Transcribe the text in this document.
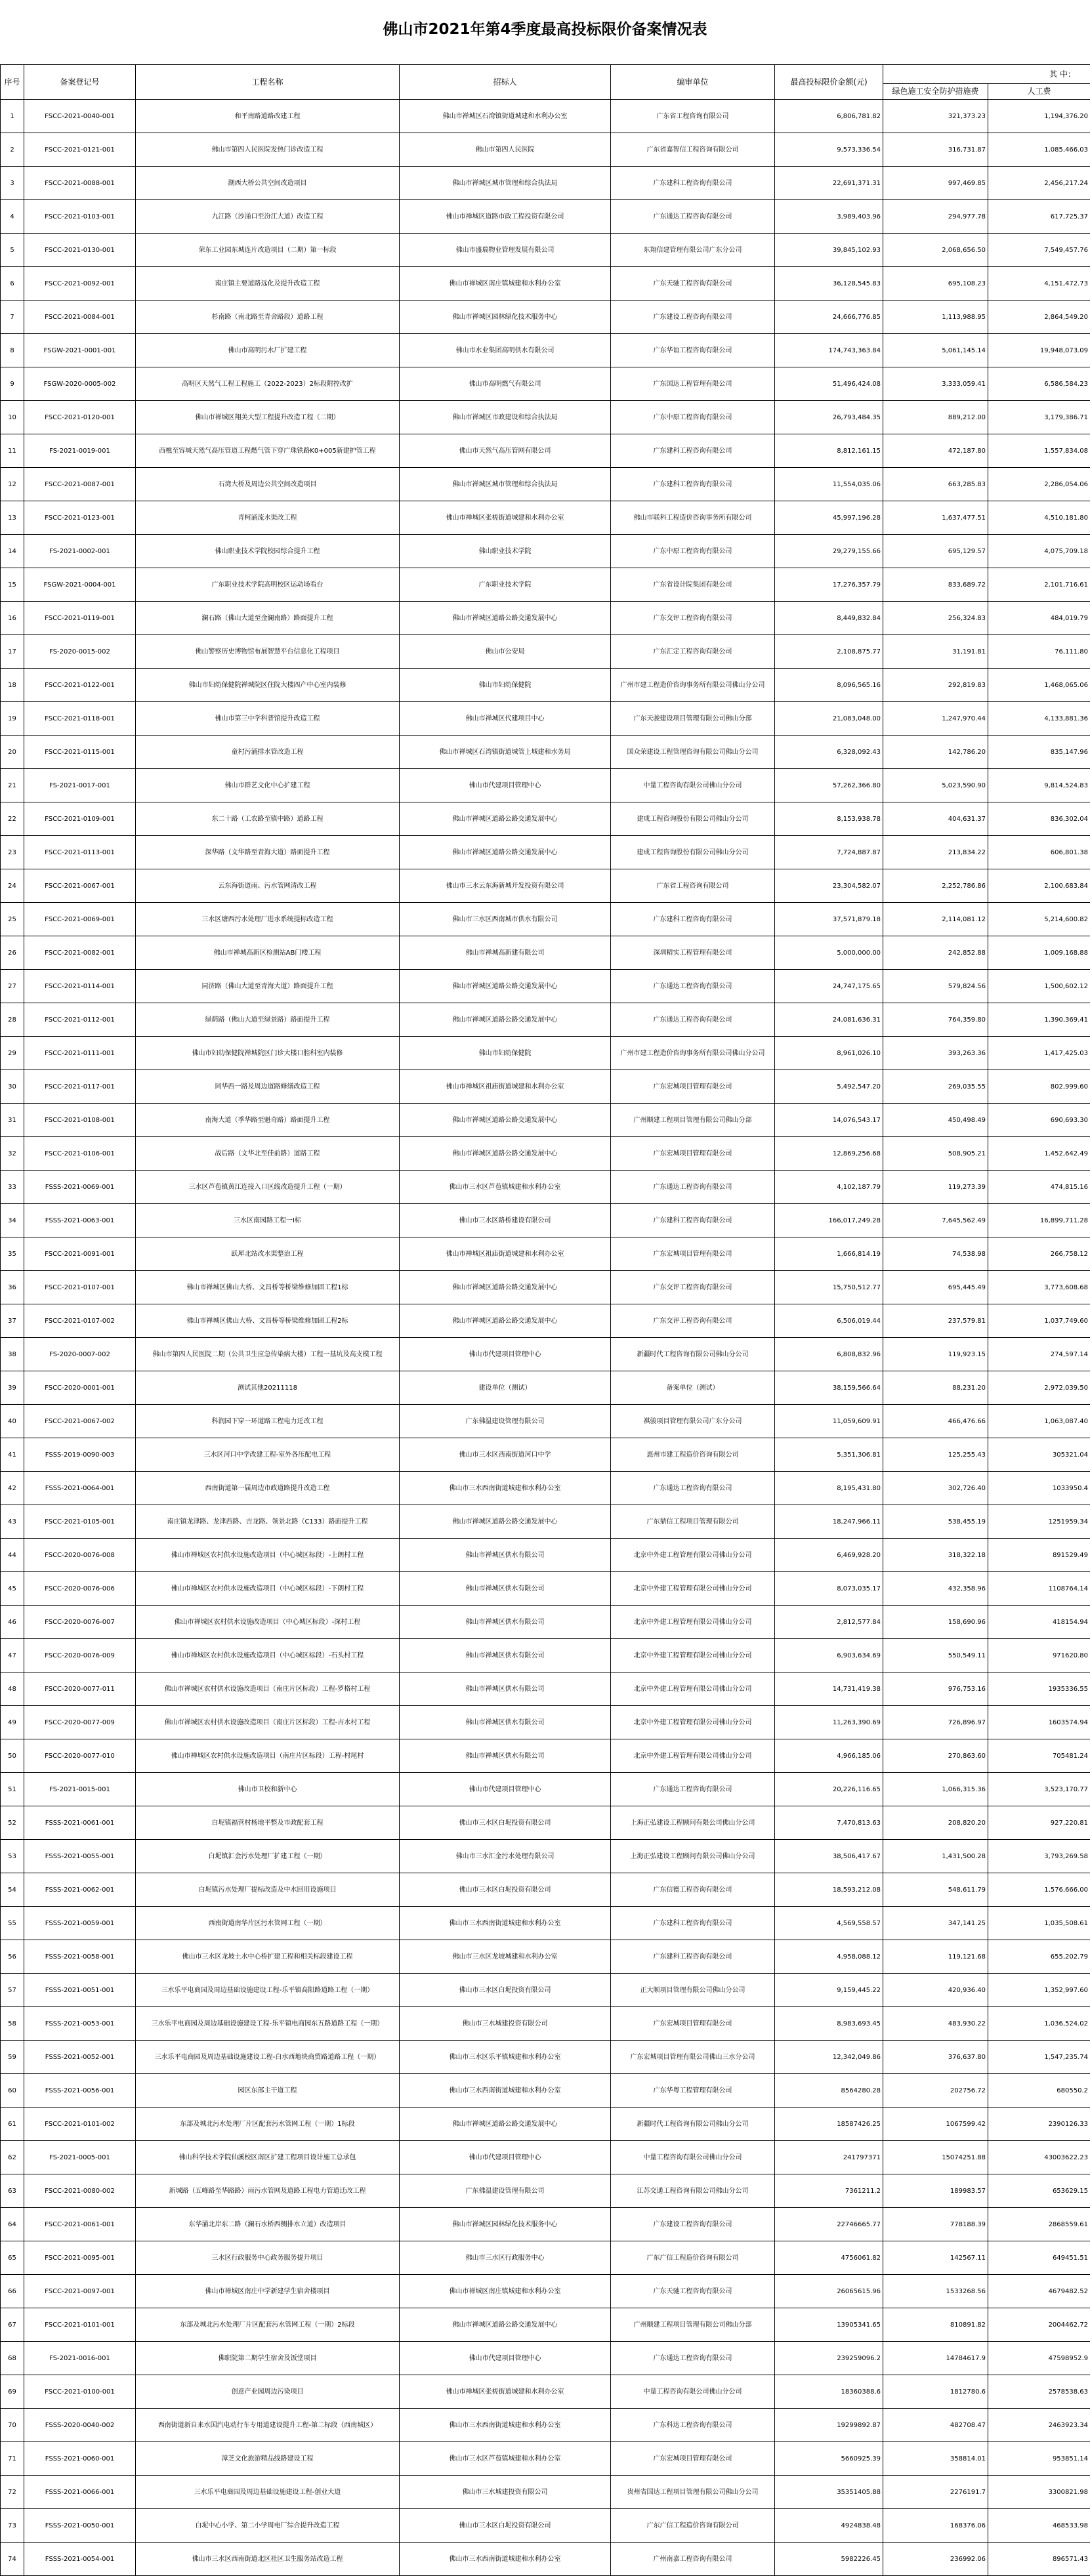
佛山市2021年第4季度最高投标限价备案情况表
序号	备案登记号	工程名称	招标人	编审单位	最高投标限价金额(元)	其 中：	
						绿色施工安全防护措施费	人工费
1	FSCC-2021-0040-001	和平南路道路改建工程	佛山市禅城区石湾镇街道城建和水利办公室	广东省工程咨询有限公司	6,806,781.82	321,373.23	1,194,376.20
2	FSCC-2021-0121-001	佛山市第四人民医院发热门诊改造工程	佛山市第四人民医院	广东省嘉智信工程咨询有限公司	9,573,336.54	316,731.87	1,085,466.03
3	FSCC-2021-0088-001	湖西大桥公共空间改造项目	佛山市禅城区城市管理和综合执法局	广东建科工程咨询有限公司	22,691,371.31	997,469.85	2,456,217.24
4	FSCC-2021-0103-001	九江路（沙涌口至汾江大道）改造工程	佛山市禅城区道路市政工程投资有限公司	广东通达工程咨询有限公司	3,989,403.96	294,977.78	617,725.37
5	FSCC-2021-0130-001	荣东工业园东城连片改造项目（二期）第一标段	佛山市盛瑞物业管理发展有限公司	东翔信建管理有限公司广东分公司	39,845,102.93	2,068,656.50	7,549,457.76
6	FSCC-2021-0092-001	南庄镇主要道路远化及提升改造工程	佛山市禅城区南庄镇城建和水利办公室	广东天驰工程咨询有限公司	36,128,545.83	695,108.23	4,151,472.73
7	FSCC-2021-0084-001	杉南路（南北路至青舍路段）道路工程	佛山市禅城区园林绿化技术服务中心	广东建设工程咨询有限公司	24,666,776.85	1,113,988.95	2,864,549.20
8	FSGW-2021-0001-001	佛山市高明污水厂扩建工程	佛山市水业集团高明供水有限公司	广东华谊工程咨询有限公司	174,743,363.84	5,061,145.14	19,948,073.09
9	FSGW-2020-0005-002	高明区天然气工程工程施工（2022-2023）2标段附控改扩	佛山市高明燃气有限公司	广东国达工程管理有限公司	51,496,424.08	3,333,059.41	6,586,584.23
10	FSCC-2021-0120-001	佛山市禅城区翔美大型工程提升改造工程（二期）	佛山市禅城区市政建设和综合执法局	广东中原工程咨询有限公司	26,793,484.35	889,212.00	3,179,386.71
11	FS-2021-0019-001	西樵至容城天然气高压管道工程燃气管下穿广珠铁路K0+005新建护管工程	佛山市天然气高压管网有限公司	广东建科工程咨询有限公司	8,812,161.15	472,187.80	1,557,834.08
12	FSCC-2021-0087-001	石湾大桥及周边公共空间改造项目	佛山市禅城区城市管理和综合执法局	广东建科工程咨询有限公司	11,554,035.06	663,285.83	2,286,054.06
13	FSCC-2021-0123-001	青柯涌流水渠改工程	佛山市禅城区张槎街道城建和水利办公室	佛山市联科工程造价咨询事务所有限公司	45,997,196.28	1,637,477.51	4,510,181.80
14	FS-2021-0002-001	佛山职业技术学院校园综合提升工程	佛山职业技术学院	广东中原工程咨询有限公司	29,279,155.66	695,129.57	4,075,709.18
15	FSGW-2021-0004-001	广东职业技术学院高明校区运动场看台	广东职业技术学院	广东省设计院集团有限公司	17,276,357.79	833,689.72	2,101,716.61
16	FSCC-2021-0119-001	澜石路（佛山大道至金澜南路）路面提升工程	佛山市禅城区道路公路交通发展中心	广东交评工程咨询有限公司	8,449,832.84	256,324.83	484,019.79
17	FS-2020-0015-002	佛山警察历史博物馆布展智慧平台信息化工程项目	佛山市公安局	广东汇定工程咨询有限公司	2,108,875.77	31,191.81	76,111.80
18	FSCC-2021-0122-001	佛山市妇幼保健院禅城院区住院大楼四产中心室内装修	佛山市妇幼保健院	广州市建工程造价咨询事务所有限公司佛山分公司	8,096,565.16	292,819.83	1,468,065.06
19	FSCC-2021-0118-001	佛山市第三中学科普馆提升改造工程	佛山市禅城区代建项目中心	广东天骏建设项目管理有限公司佛山分部	21,083,048.00	1,247,970.44	4,133,881.36
20	FSCC-2021-0115-001	童村污涌排水管改造工程	佛山市禅城区石湾镇街道城管上城建和水务局	国众荣建设工程管理咨询有限公司佛山分公司	6,328,092.43	142,786.20	835,147.96
21	FS-2021-0017-001	佛山市群艺文化中心扩建工程	佛山市代建项目管理中心	中量工程咨询有限公司佛山分公司	57,262,366.80	5,023,590.90	9,814,524.83
22	FSCC-2021-0109-001	东二十路（工农路至镇中路）道路工程	佛山市禅城区道路公路交通发展中心	建成工程咨询股份有限公司佛山分公司	8,153,938.78	404,631.37	836,302.04
23	FSCC-2021-0113-001	深华路（文华路至青海大道）路面提升工程	佛山市禅城区道路公路交通发展中心	建成工程咨询股份有限公司佛山分公司	7,724,887.87	213,834.22	606,801.38
24	FSCC-2021-0067-001	云东海街道雨、污水管网清改工程	佛山市三水云东海新城开发投资有限公司	广东省工程咨询有限公司	23,304,582.07	2,252,786.86	2,100,683.84
25	FSCC-2021-0069-001	三水区塘西污水处理厂进水系统提标改造工程	佛山市三水区西南城市供水有限公司	广东建科工程咨询有限公司	37,571,879.18	2,114,081.12	5,214,600.82
26	FSCC-2021-0082-001	佛山市禅城高新区检测站AB门楼工程	佛山市禅城高新建有限公司	深圳精实工程管理有限公司	5,000,000.00	242,852.88	1,009,168.88
27	FSCC-2021-0114-001	同济路（佛山大道至青海大道）路面提升工程	佛山市禅城区道路公路交通发展中心	广东通达工程咨询有限公司	24,747,175.65	579,824.56	1,500,602.12
28	FSCC-2021-0112-001	绿荫路（佛山大道至绿景路）路面提升工程	佛山市禅城区道路公路交通发展中心	广东通达工程咨询有限公司	24,081,636.31	764,359.80	1,390,369.41
29	FSCC-2021-0111-001	佛山市妇幼保健院禅城院区门诊大楼口腔科室内装修	佛山市妇幼保健院	广州市建工程造价咨询事务所有限公司佛山分公司	8,961,026.10	393,263.36	1,417,425.03
30	FSCC-2021-0117-001	同华西一路及周边道路修缮改造工程	佛山市禅城区祖庙街道城建和水利办公室	广东宏城项目管理有限公司	5,492,547.20	269,035.55	802,999.60
31	FSCC-2021-0108-001	南海大道（季华路至魁奇路）路面提升工程	佛山市禅城区道路公路交通发展中心	广州顺建工程项目管理有限公司佛山分部	14,076,543.17	450,498.49	690,693.30
32	FSCC-2021-0106-001	战后路（文华北至佳前路）道路工程	佛山市禅城区道路公路交通发展中心	广东宏城项目管理有限公司	12,869,256.68	508,905.21	1,452,642.49
33	FSSS-2021-0069-001	三水区芦苞镇黄江连接入口区线改造提升工程（一期）	佛山市三水区芦苞镇城建和水利办公室	广东通达工程咨询有限公司	4,102,187.79	119,273.39	474,815.16
34	FSSS-2021-0063-001	三水区南园路工程一Ⅰ标	佛山市三水区路桥建设有限公司	广东建科工程咨询有限公司	166,017,249.28	7,645,562.49	16,899,711.28
35	FSCC-2021-0091-001	跃犀北站改水渠整治工程	佛山市禅城区祖庙街道城建和水利办公室	广东宏城项目管理有限公司	1,666,814.19	74,538.98	266,758.12
36	FSCC-2021-0107-001	佛山市禅城区佛山大桥、文昌桥等桥梁维修加固工程1标	佛山市禅城区道路公路交通发展中心	广东交评工程咨询有限公司	15,750,512.77	695,445.49	3,773,608.68
37	FSCC-2021-0107-002	佛山市禅城区佛山大桥、文昌桥等桥梁维修加固工程2标	佛山市禅城区道路公路交通发展中心	广东交评工程咨询有限公司	6,506,019.44	237,579.81	1,037,749.60
38	FS-2020-0007-002	佛山市第四人民医院二期（公共卫生应急传染病大楼）工程一基坑及高支模工程	佛山市代建项目管理中心	新疆时代工程咨询有限公司佛山分公司	6,808,832.96	119,923.15	274,597.14
39	FSCC-2020-0001-001	测试其他20211118	建设单位（测试）	备案单位（测试）	38,159,566.64	88,231.20	2,972,039.50
40	FSCC-2021-0067-002	科润园下穿一环道路工程电力迁改工程	广东佛温建设管理有限公司	祺骏项目管理有限公司广东分公司	11,059,609.91	466,476.66	1,063,087.40
41	FSSS-2019-0090-003	三水区河口中学改建工程-室外各压配电工程	佛山市三水区西南街道河口中学	惠州市建工程造价咨询有限公司	5,351,306.81	125,255.43	305321.04
42	FSSS-2021-0064-001	西南街道第一届周边市政道路提升改造工程	佛山市三水西南街道城建和水利办公室	广东通达工程咨询有限公司	8,195,431.80	302,726.40	1033950.4
43	FSCC-2021-0105-001	南庄镇龙津路、龙津西路、吉龙路、领景北路（C133）路面提升工程	佛山市禅城区道路公路交通发展中心	广东鼎信工程项目管理有限公司	18,247,966.11	538,455.19	1251959.34
44	FSCC-2020-0076-008	佛山市禅城区农村供水设施改造项目（中心城区标段）-上朗村工程	佛山市禅城区供水有限公司	北京中外建工程管理有限公司佛山分公司	6,469,928.20	318,322.18	891529.49
45	FSCC-2020-0076-006	佛山市禅城区农村供水设施改造项目（中心城区标段）-下朗村工程	佛山市禅城区供水有限公司	北京中外建工程管理有限公司佛山分公司	8,073,035.17	432,358.96	1108764.14
46	FSCC-2020-0076-007	佛山市禅城区农村供水设施改造项目（中心城区标段）-深村工程	佛山市禅城区供水有限公司	北京中外建工程管理有限公司佛山分公司	2,812,577.84	158,690.96	418154.94
47	FSCC-2020-0076-009	佛山市禅城区农村供水设施改造项目（中心城区标段）-石头村工程	佛山市禅城区供水有限公司	北京中外建工程管理有限公司佛山分公司	6,903,634.69	550,549.11	971620.80
48	FSCC-2020-0077-011	佛山市禅城区农村供水设施改造项目（南庄片区标段）工程-罗格村工程	佛山市禅城区供水有限公司	北京中外建工程管理有限公司佛山分公司	14,731,419.38	976,753.16	1935336.55
49	FSCC-2020-0077-009	佛山市禅城区农村供水设施改造项目（南庄片区标段）工程-吉水村工程	佛山市禅城区供水有限公司	北京中外建工程管理有限公司佛山分公司	11,263,390.69	726,896.97	1603574.94
50	FSCC-2020-0077-010	佛山市禅城区农村供水设施改造项目（南庄片区标段）工程-村尾村	佛山市禅城区供水有限公司	北京中外建工程管理有限公司佛山分公司	4,966,185.06	270,863.60	705481.24
51	FS-2021-0015-001	佛山市卫校和新中心	佛山市代建项目管理中心	广东通达工程咨询有限公司	20,226,116.65	1,066,315.36	3,523,170.77
52	FSSS-2021-0061-001	白坭镇福营村杨地平整及市政配套工程	佛山市三水区白坭投资有限公司	上海正弘建设工程顾问有限公司佛山分公司	7,470,813.63	208,820.20	927,220.81
53	FSSS-2021-0055-001	白坭镇汇金污水处理厂扩建工程（一期）	佛山市三水汇金污水处理有限公司	上海正弘建设工程顾问有限公司佛山分公司	38,506,417.67	1,431,500.28	3,793,269.58
54	FSSS-2021-0062-001	白坭镇污水处理厂提标改造及中水回用设施项目	佛山市三水区白坭投资有限公司	广东信德工程咨询有限公司	18,593,212.08	548,611.79	1,576,666.00
55	FSSS-2021-0059-001	西南街道南华片区污水管网工程（一期）	佛山市三水西南街道城建和水利办公室	广东建科工程咨询有限公司	4,569,558.57	347,141.25	1,035,508.61
56	FSSS-2021-0058-001	佛山市三水区龙坡土水中心桥扩建工程和相关标段建设工程	佛山市三水区龙坡城建和水利办公室	广东建科工程咨询有限公司	4,958,088.12	119,121.68	655,202.79
57	FSSS-2021-0051-001	三水乐平电商园及周边基础设施建设工程-乐平镇高阳路道路工程（一期）	佛山市三水区白坭投资有限公司	正大顺项目管理有限公司佛山分公司	9,159,445.22	420,936.40	1,352,997.60
58	FSSS-2021-0053-001	三水乐平电商园及周边基础设施建设工程-乐平镇电商园东五路道路工程（一期）	佛山市三水城建投资有限公司	广东宏城项目管理有限公司	8,983,693.45	483,930.22	1,036,524.02
59	FSSS-2021-0052-001	三水乐平电商园及周边基础设施建设工程-白水西地块商贸路道路工程（一期）	佛山市三水区乐平镇城建和水利办公室	广东宏城项目管理有限公司佛山三水分公司	12,342,049.86	376,637.80	1,547,235.74
60	FSSS-2021-0056-001	园区东部主干道工程	佛山市三水西南街道城建和水利办公室	广东华粤工程管理有限公司	8564280.28	202756.72	680550.2
61	FSCC-2021-0101-002	东部及城北污水处理厂片区配套污水管网工程（一期）1标段	佛山市禅城区道路公路交通发展中心	新疆时代工程咨询有限公司佛山分公司	18587426.25	1067599.42	2390126.33
62	FS-2021-0005-001	佛山科学技术学院仙溪校区南区扩建工程项目设计施工总承包	佛山市代建项目管理中心	中量工程咨询有限公司佛山分公司	241797371	15074251.88	43003622.23
63	FSCC-2021-0080-002	新城路（五峰路至华路路）雨污水管网及道路工程电力管道迁改工程	广东佛温建设管理有限公司	江苏交通工程咨询有限公司佛山分公司	7361211.2	189983.57	653629.15
64	FSCC-2021-0061-001	东华涌北岸东二路（澜石水桥西侧排水立道）改造项目	佛山市禅城区园林绿化技术服务中心	广东建设工程咨询有限公司	22746665.77	778188.39	2868559.61
65	FSCC-2021-0095-001	三水区行政服务中心政务服务提升项目	佛山市三水区行政服务中心	广东广信工程造价咨询有限公司	4756061.82	142567.11	649451.51
66	FSCC-2021-0097-001	佛山市禅城区南庄中学新建学生宿舍楼项目	佛山市禅城区南庄镇城建和水利办公室	广东天驰工程咨询有限公司	26065615.96	1533268.56	4679482.52
67	FSCC-2021-0101-001	东部及城北污水处理厂片区配套污水管网工程（一期）2标段	佛山市禅城区道路公路交通发展中心	广州顺建工程项目管理有限公司佛山分部	13905341.65	810891.82	2004462.72
68	FS-2021-0016-001	佛职院第二期学生宿舍及饭堂项目	佛山市代建项目管理中心	广东通达工程咨询有限公司	239259096.2	14784617.9	47598952.9
69	FSCC-2021-0100-001	创意产业园周边污染项目	佛山市禅城区张槎街道城建和水利办公室	中量工程咨询有限公司佛山分公司	18360388.6	1812780.6	2578538.63
70	FSSS-2020-0040-002	西南街道新自来水国汽电动行车专用道建设提升工程-第二标段（西南城区）	佛山市三水西南街道城建和水利办公室	广东科达工程咨询有限公司	19299892.87	482708.47	2463923.34
71	FSSS-2021-0060-001	漳芝文化旅游精品线路建设工程	佛山市三水区芦苞镇城建和水利办公室	广东宏城项目管理有限公司	5660925.39	358814.01	953851.14
72	FSSS-2021-0066-001	三水乐平电商园及周边基础设施建设工程-创业大道	佛山市三水城建投资有限公司	贵州省国达工程项目管理有限公司佛山分公司	35351405.88	2276191.7	3300821.98
73	FSSS-2021-0050-001	白坭中心小学、第二小学周电厂综合提升改造工程	佛山市三水区白坭投资有限公司	广东广信工程造价咨询有限公司	4924838.48	168376.06	468533.98
74	FSSS-2021-0054-001	佛山市三水区西南街道北区社区卫生服务站改造工程	佛山市三水西南街道城建和水利办公室	广州南嘉工程咨询有限公司	5982226.45	236992.06	896571.43
